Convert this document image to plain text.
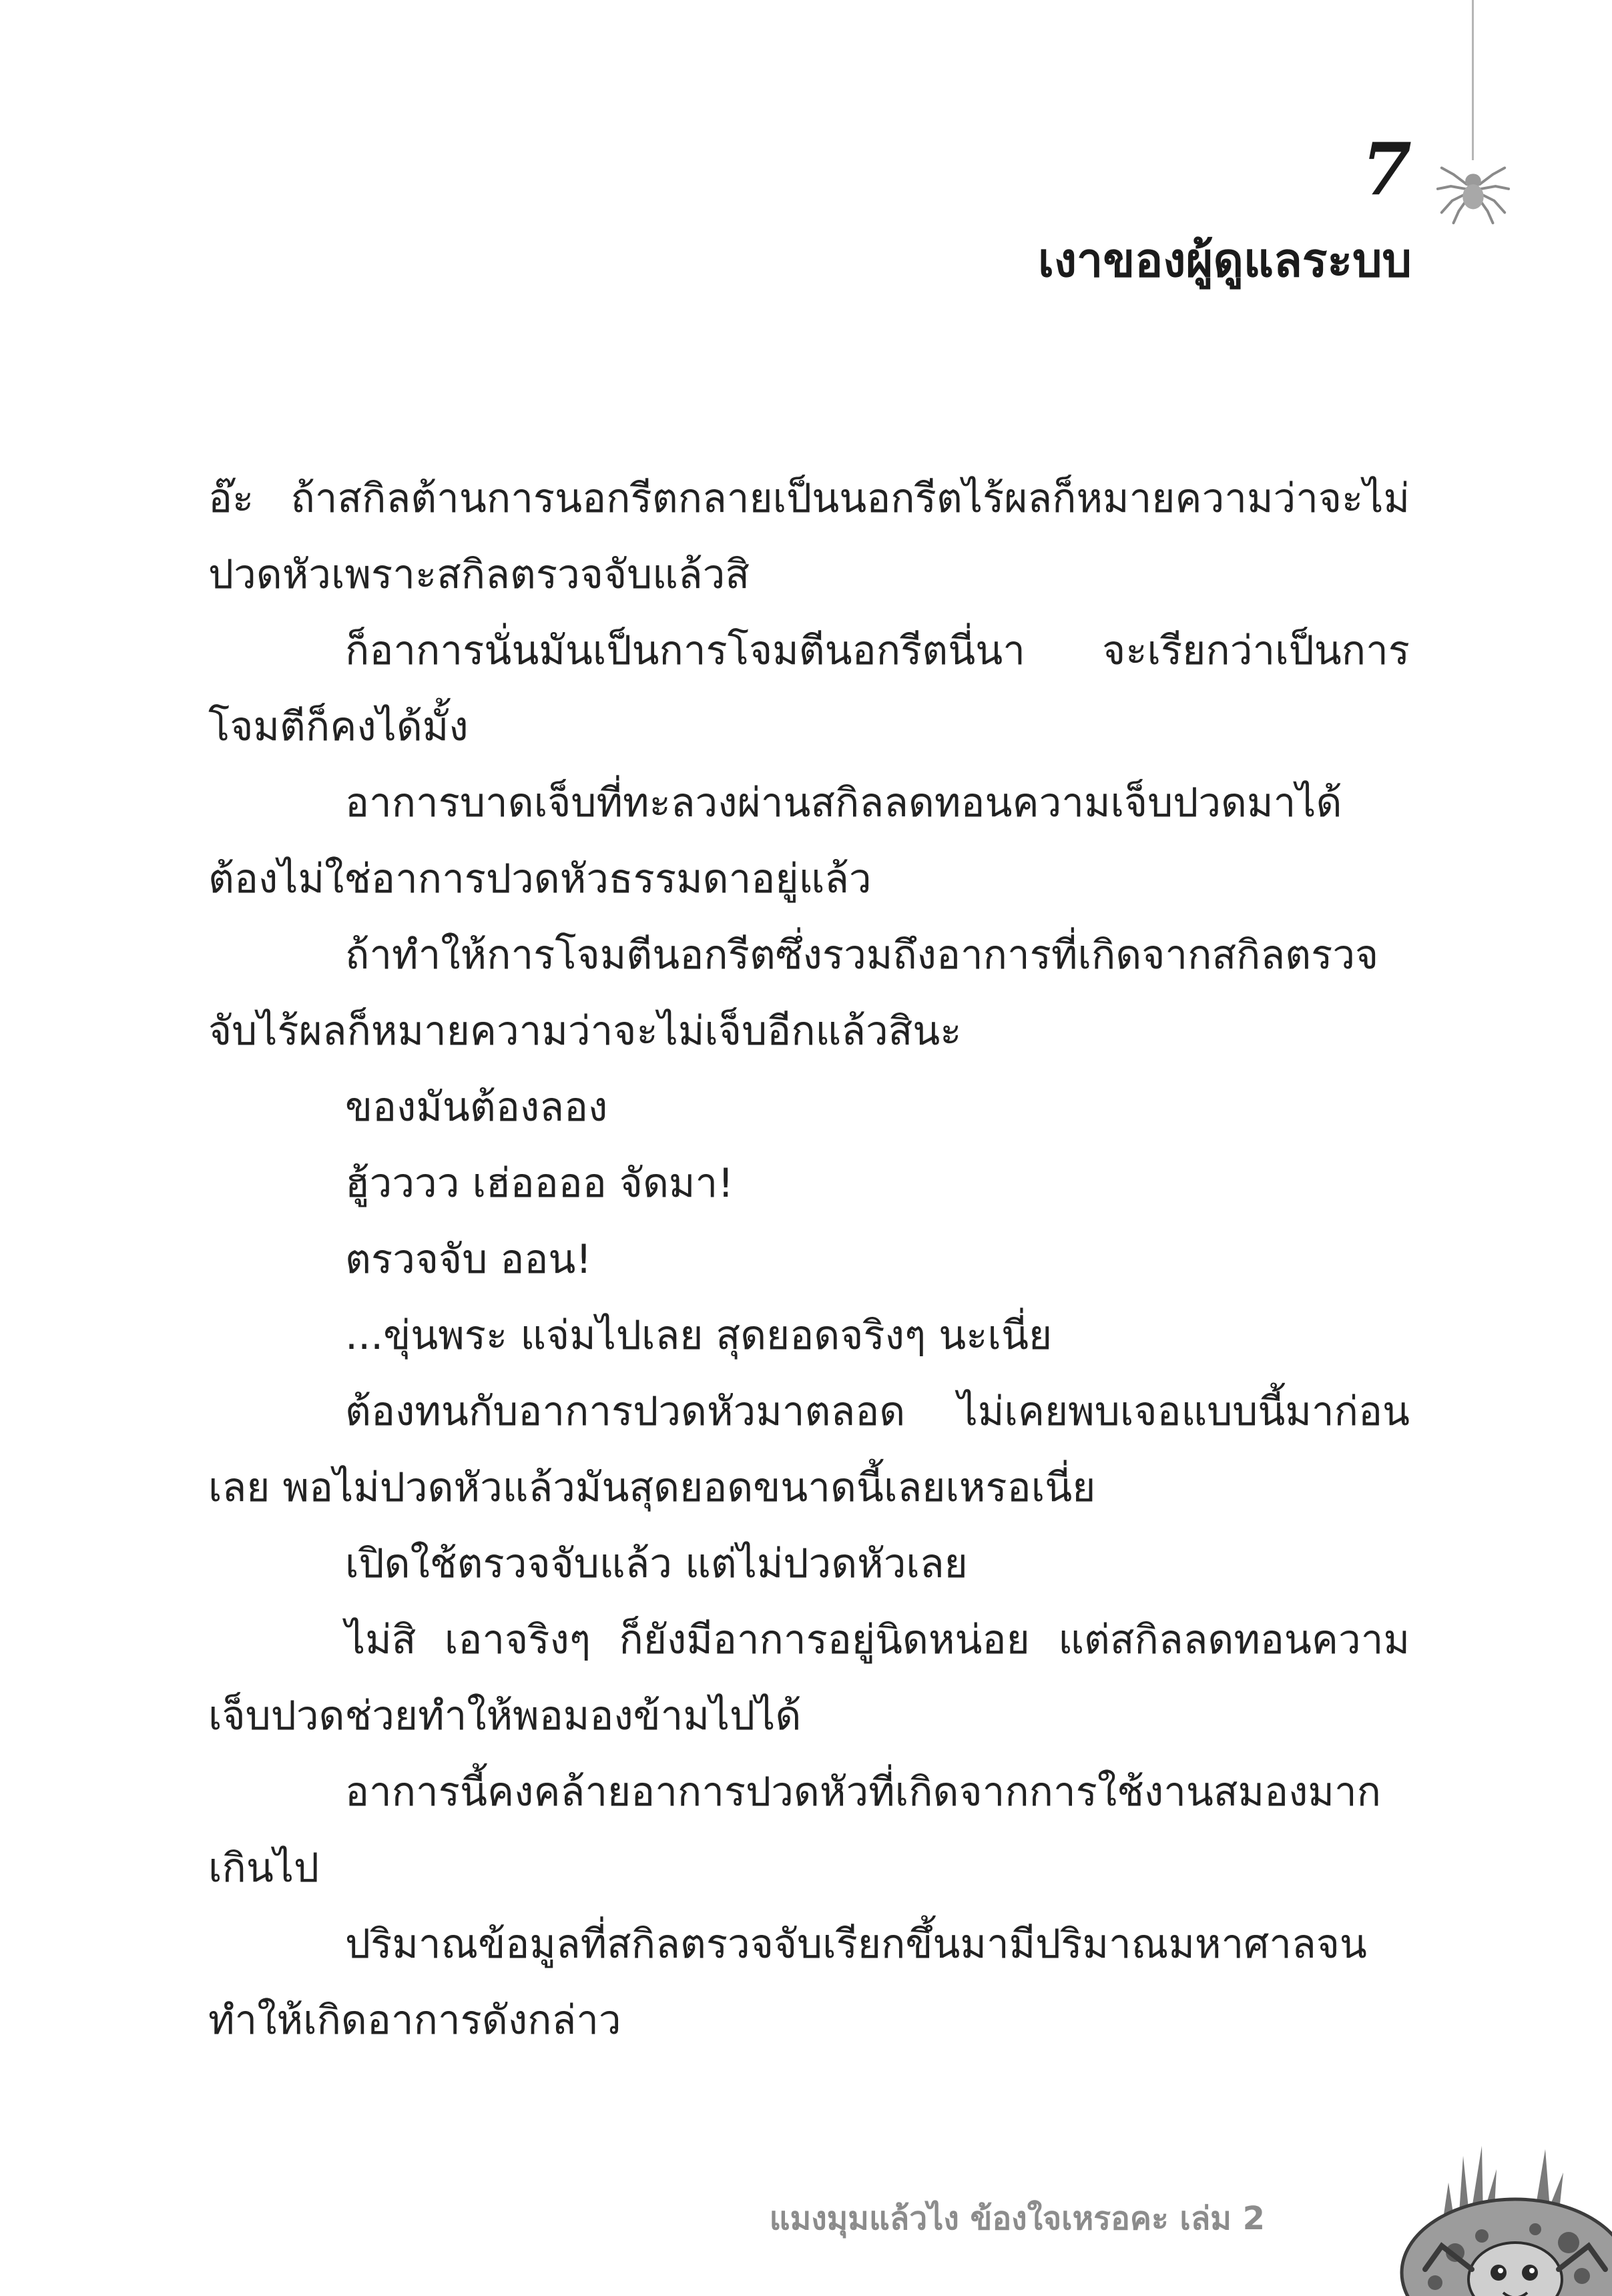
7
เงาของผู้ดูแลระบบ

อ๊ะ ถ้าสกิลต้านการนอกรีตกลายเป็นนอกรีตไร้ผลก็หมายความว่าจะไม่ปวดหัวเพราะสกิลตรวจจับแล้วสิ

ก็อาการนั่นมันเป็นการโจมตีนอกรีตนี่นา จะเรียกว่าเป็นการโจมตีก็คงได้มั้ง

อาการบาดเจ็บที่ทะลวงผ่านสกิลลดทอนความเจ็บปวดมาได้ต้องไม่ใช่อาการปวดหัวธรรมดาอยู่แล้ว

ถ้าทำให้การโจมตีนอกรีตซึ่งรวมถึงอาการที่เกิดจากสกิลตรวจจับไร้ผลก็หมายความว่าจะไม่เจ็บอีกแล้วสินะ

ของมันต้องลอง

ฮู้วววว เฮ่ออออ จัดมา!

ตรวจจับ ออน!

...ขุ่นพระ แจ่มไปเลย สุดยอดจริงๆ นะเนี่ย

ต้องทนกับอาการปวดหัวมาตลอด ไม่เคยพบเจอแบบนี้มาก่อนเลย พอไม่ปวดหัวแล้วมันสุดยอดขนาดนี้เลยเหรอเนี่ย

เปิดใช้ตรวจจับแล้ว แต่ไม่ปวดหัวเลย

ไม่สิ เอาจริงๆ ก็ยังมีอาการอยู่นิดหน่อย แต่สกิลลดทอนความเจ็บปวดช่วยทำให้พอมองข้ามไปได้

อาการนี้คงคล้ายอาการปวดหัวที่เกิดจากการใช้งานสมองมากเกินไป

ปริมาณข้อมูลที่สกิลตรวจจับเรียกขึ้นมามีปริมาณมหาศาลจนทำให้เกิดอาการดังกล่าว

แมงมุมแล้วไง ข้องใจเหรอคะ เล่ม 2
